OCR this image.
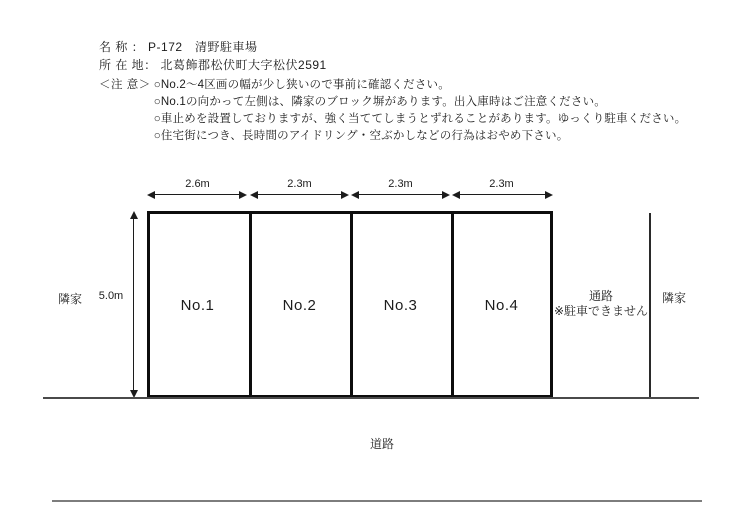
名 称 ： P-172　清野駐車場
所 在 地： 北葛飾郡松伏町大字松伏2591
＜注 意＞ ○No.2～4区画の幅が少し狭いので事前に確認ください。
○No.1の向かって左側は、隣家のブロック塀があります。出入庫時はご注意ください。
○車止めを設置しておりますが、強く当ててしまうとずれることがあります。ゆっくり駐車ください。
○住宅街につき、長時間のアイドリング・空ぶかしなどの行為はおやめ下さい。
2.6m	2.3m	2.3m	2.3m
5.0m
隣家	No.1	No.2	No.3	No.4
通路
※駐車できません
隣家
道路
